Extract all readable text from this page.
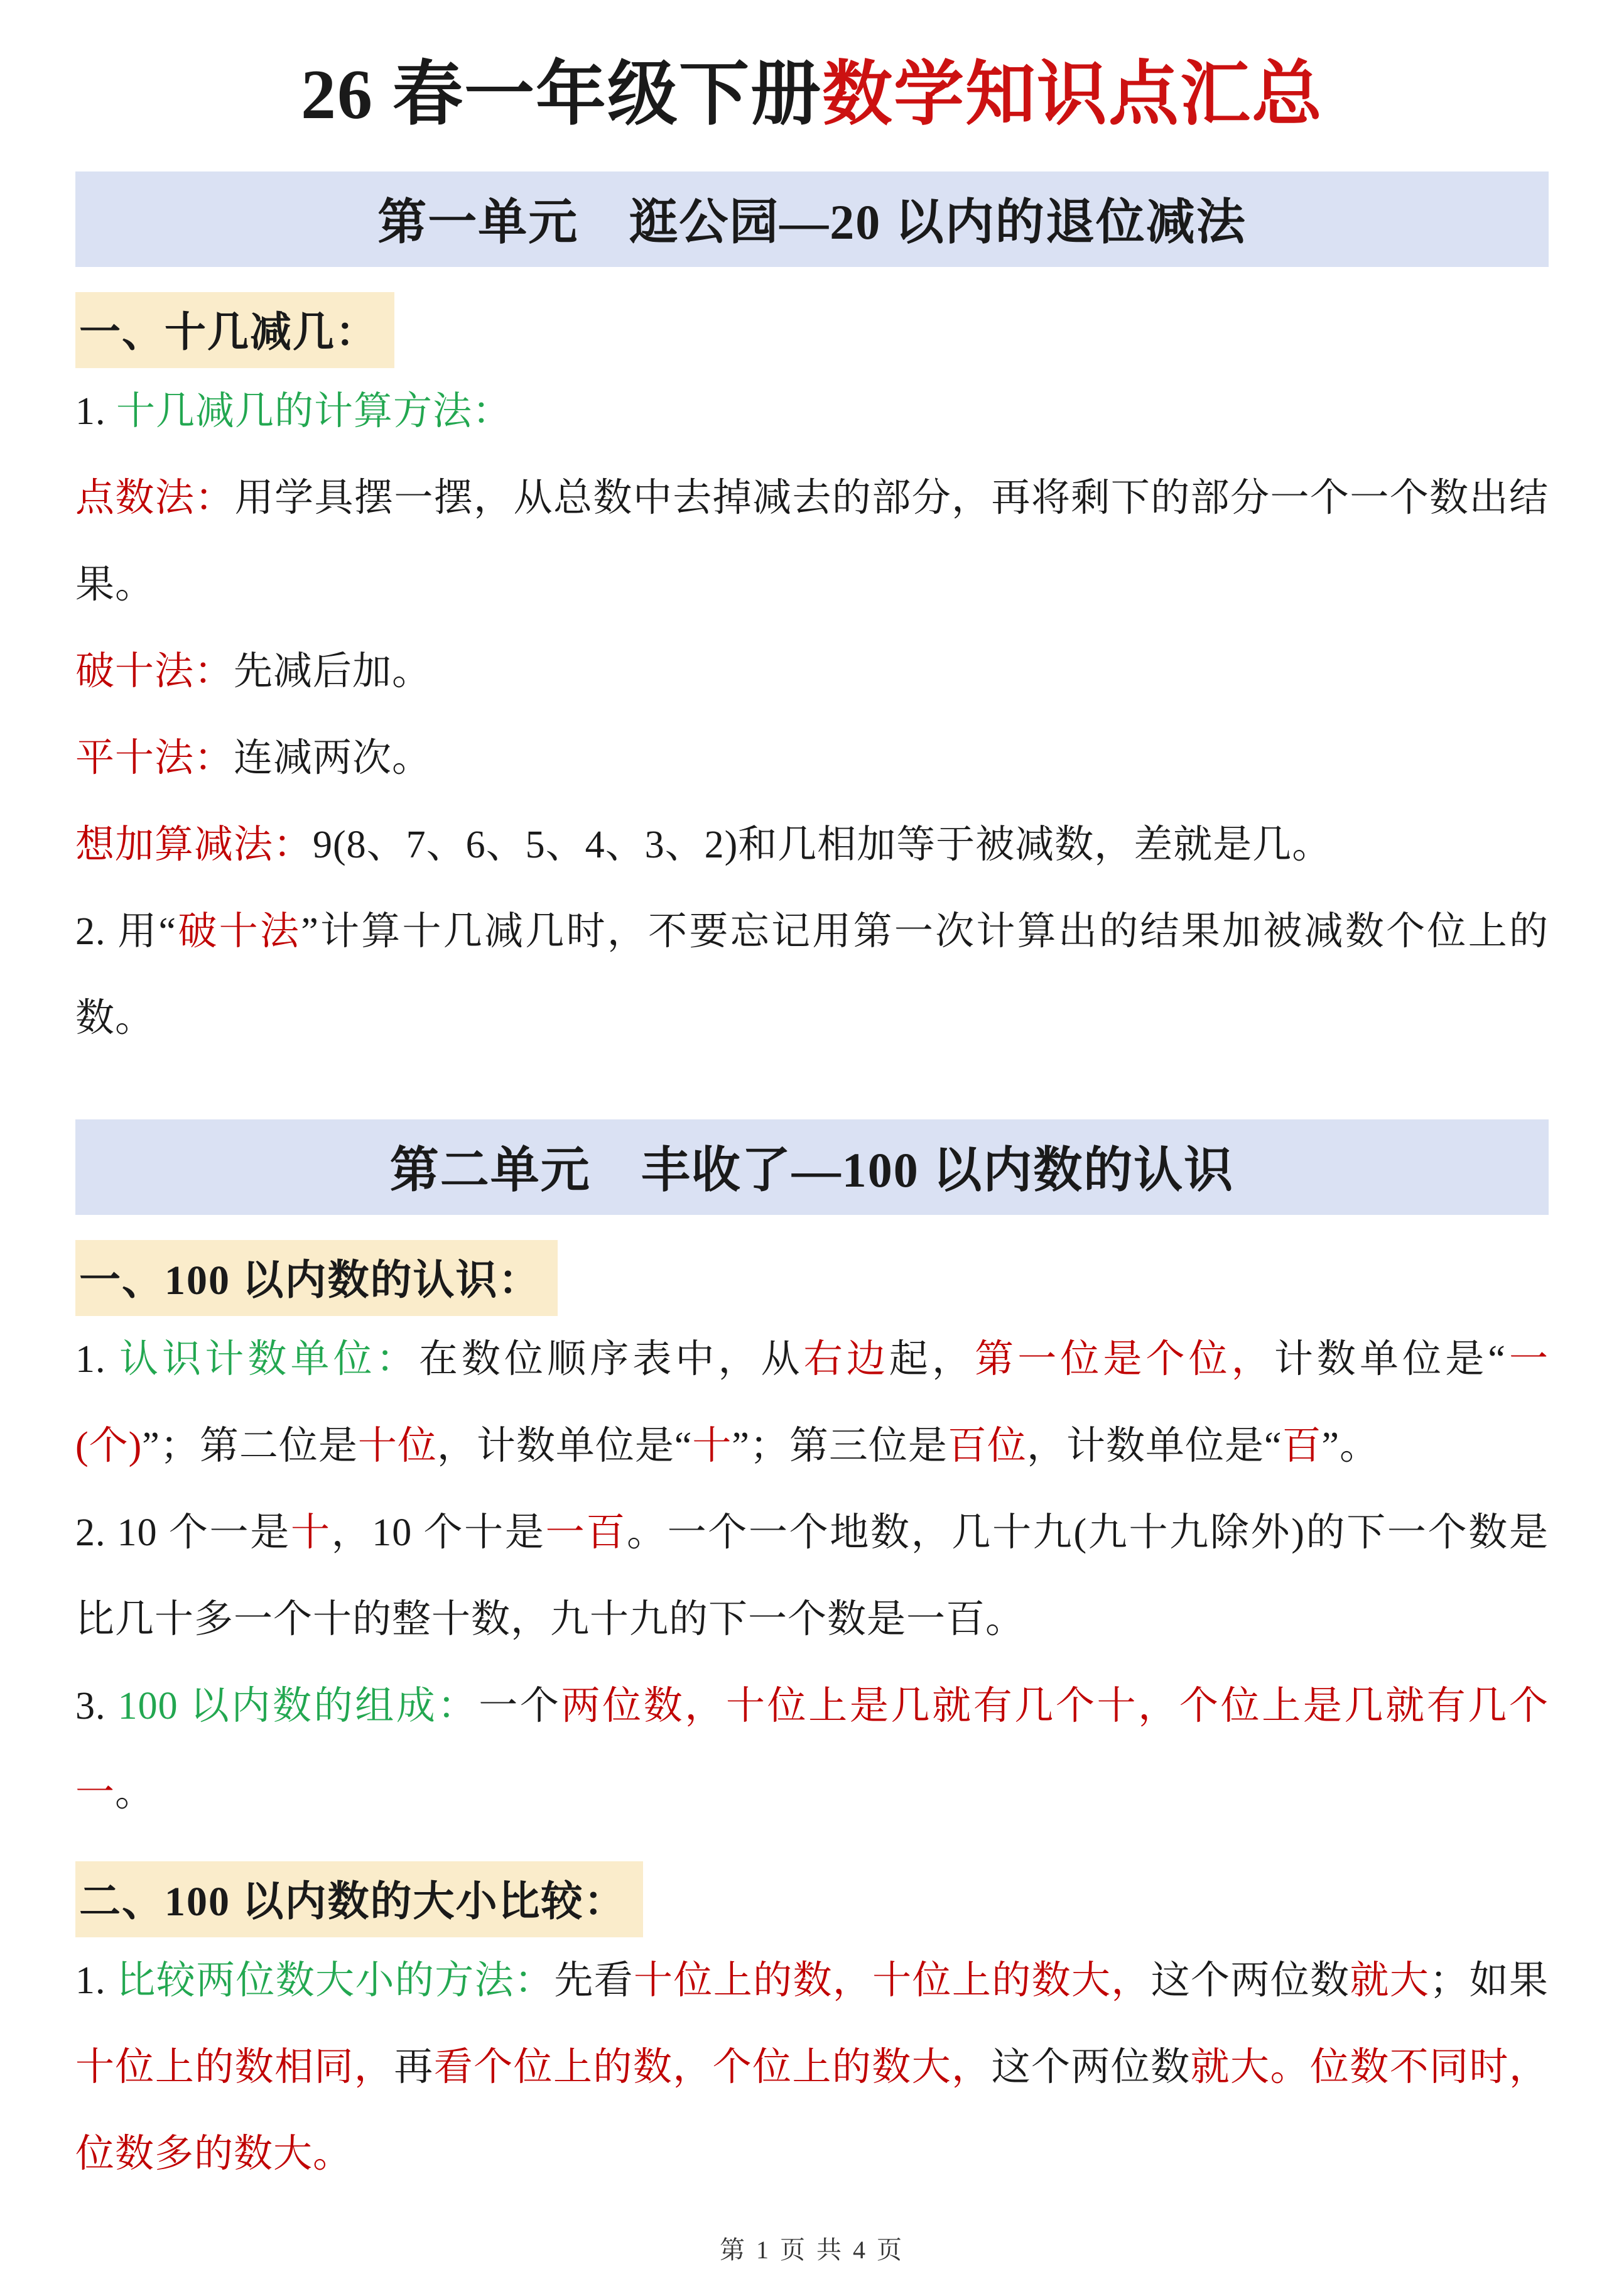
26 春一年级下册数学知识点汇总
第一单元　逛公园—20 以内的退位减法
一、十几减几：

1. 十几减几的计算方法：

点数法：用学具摆一摆，从总数中去掉减去的部分，再将剩下的部分一个一个数出结果。

破十法：先减后加。

平十法：连减两次。

想加算减法：9(8、7、6、5、4、3、2)和几相加等于被减数，差就是几。

2. 用“破十法”计算十几减几时，不要忘记用第一次计算出的结果加被减数个位上的数。

第二单元　丰收了—100 以内数的认识
一、100 以内数的认识：

1. 认识计数单位：在数位顺序表中，从右边起，第一位是个位，计数单位是“一(个)”；第二位是十位，计数单位是“十”；第三位是百位，计数单位是“百”。

2. 10 个一是十，10 个十是一百。一个一个地数，几十九(九十九除外)的下一个数是比几十多一个十的整十数，九十九的下一个数是一百。

3. 100 以内数的组成：一个两位数，十位上是几就有几个十，个位上是几就有几个一。

二、100 以内数的大小比较：

1. 比较两位数大小的方法：先看十位上的数，十位上的数大，这个两位数就大；如果十位上的数相同，再看个位上的数，个位上的数大，这个两位数就大。位数不同时，位数多的数大。

第 1 页 共 4 页
